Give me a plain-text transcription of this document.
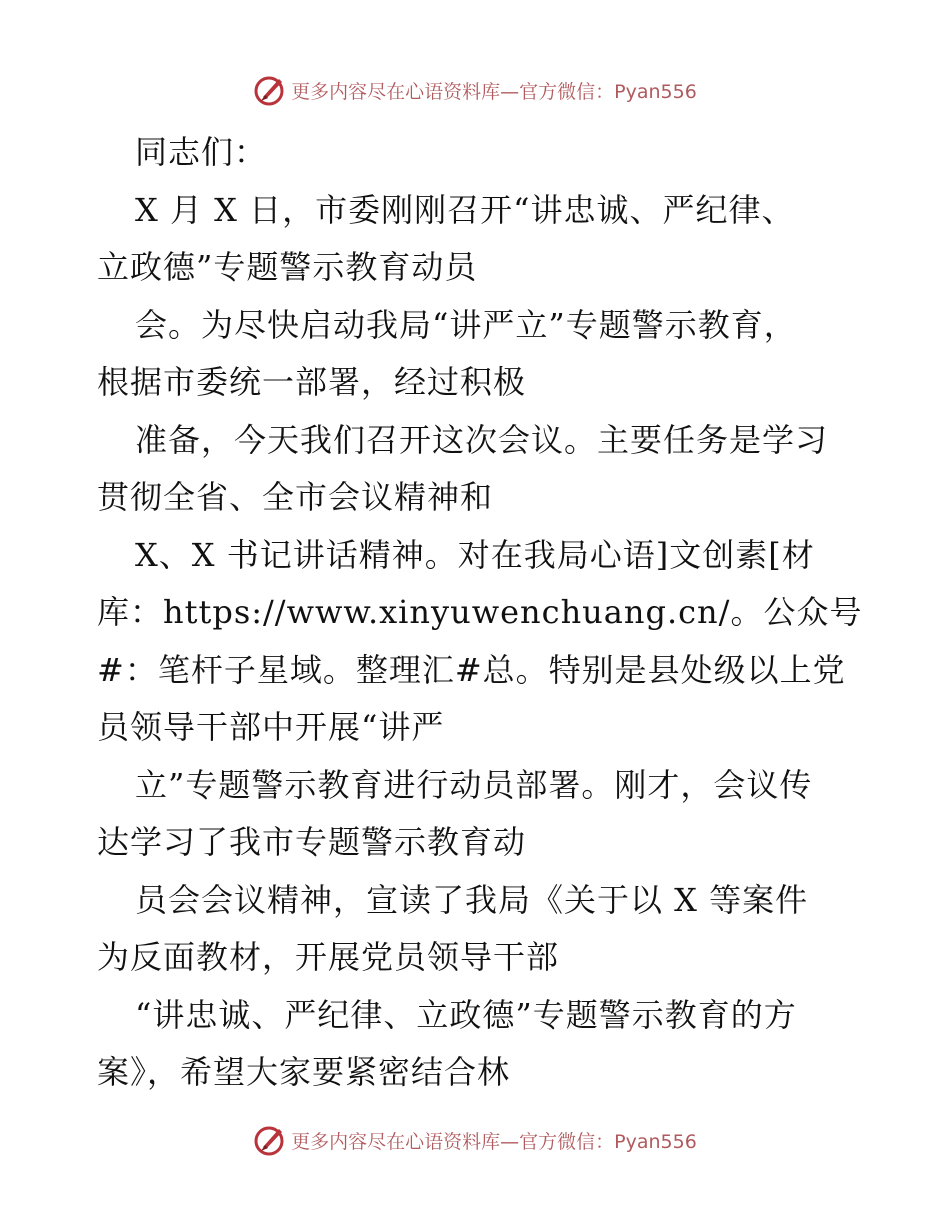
更多内容尽在心语资料库—官方微信：Pyan556
同志们：
X 月 X 日，市委刚刚召开“讲忠诚、严纪律、
立政德”专题警示教育动员
会。为尽快启动我局“讲严立”专题警示教育，
根据市委统一部署，经过积极
准备，今天我们召开这次会议。主要任务是学习
贯彻全省、全市会议精神和
X、X 书记讲话精神。对在我局心语]文创素[材
库：https://www.xinyuwenchuang.cn/。公众号
#：笔杆子星域。整理汇#总。特别是县处级以上党
员领导干部中开展“讲严
立”专题警示教育进行动员部署。刚才，会议传
达学习了我市专题警示教育动
员会会议精神，宣读了我局《关于以 X 等案件
为反面教材，开展党员领导干部
“讲忠诚、严纪律、立政德”专题警示教育的方
案》，希望大家要紧密结合林
更多内容尽在心语资料库—官方微信：Pyan556
